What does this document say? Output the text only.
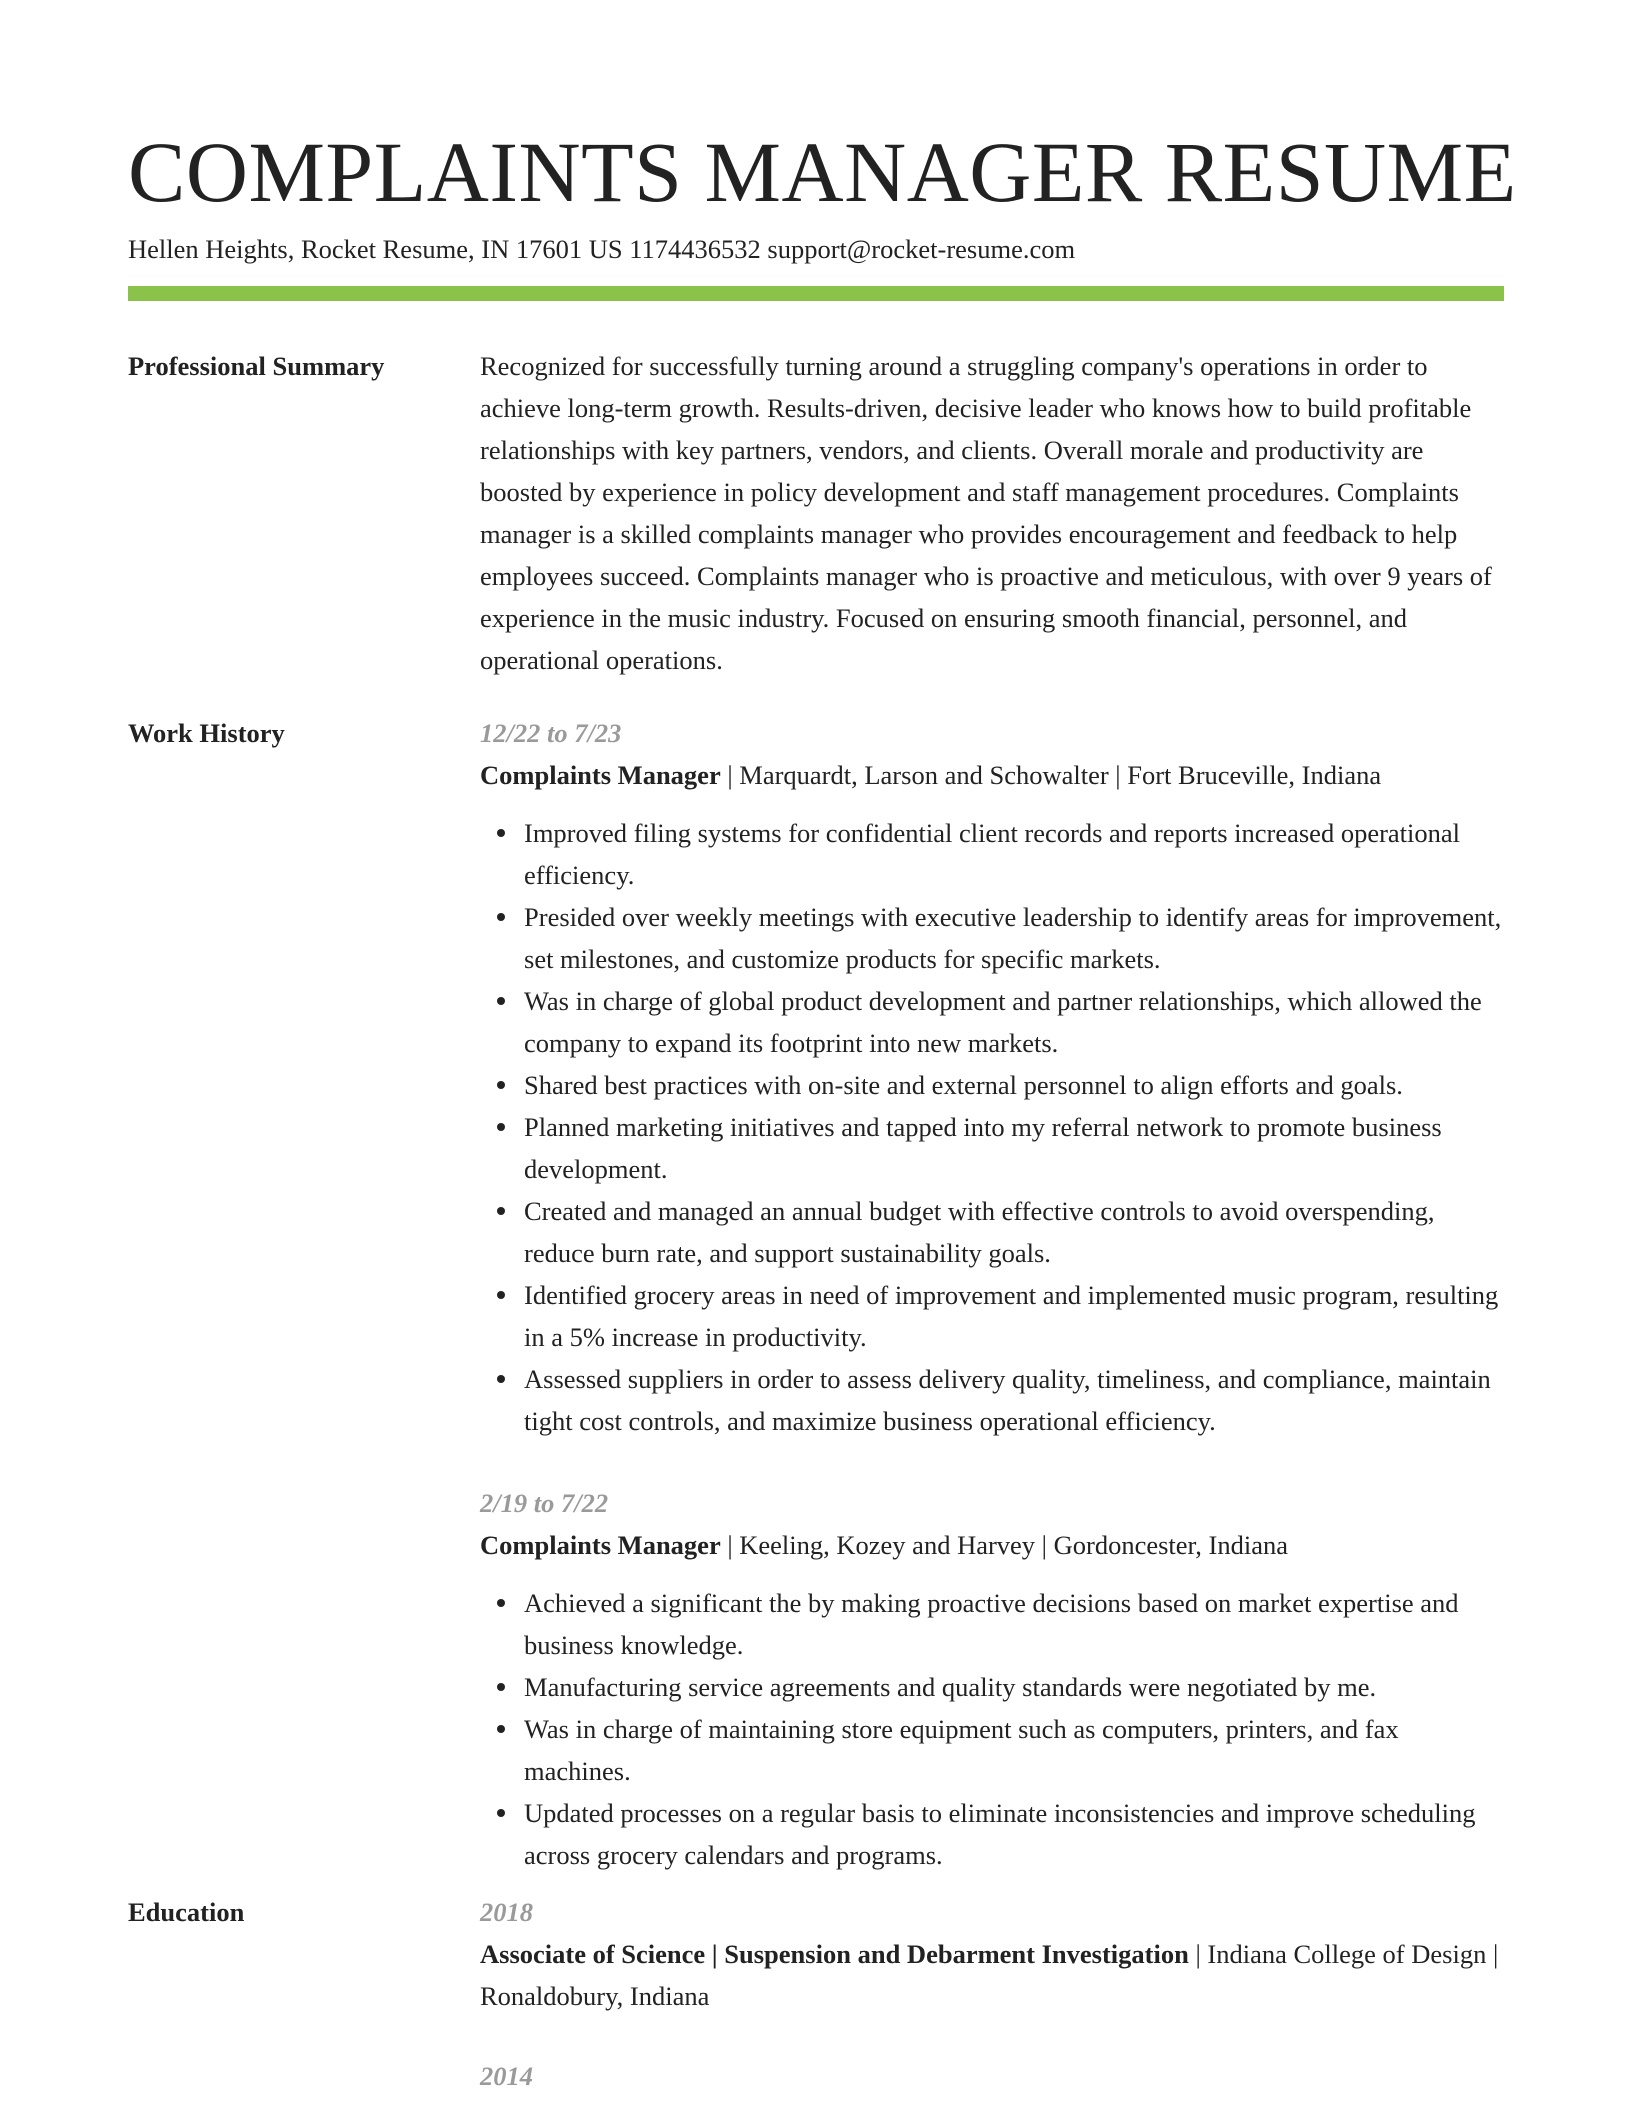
COMPLAINTS MANAGER RESUME
Hellen Heights, Rocket Resume, IN 17601 US 1174436532 support@rocket-resume.com
Professional Summary	Recognized for successfully turning around a struggling company's operations in order to achieve long-term growth. Results-driven, decisive leader who knows how to build profitable relationships with key partners, vendors, and clients. Overall morale and productivity are boosted by experience in policy development and staff management procedures. Complaints manager is a skilled complaints manager who provides encouragement and feedback to help employees succeed. Complaints manager who is proactive and meticulous, with over 9 years of experience in the music industry. Focused on ensuring smooth financial, personnel, and operational operations.

Work History	12/22 to 7/23
Complaints Manager | Marquardt, Larson and Schowalter | Fort Bruceville, Indiana
Improved filing systems for confidential client records and reports increased operational efficiency.
Presided over weekly meetings with executive leadership to identify areas for improvement, set milestones, and customize products for specific markets.
Was in charge of global product development and partner relationships, which allowed the company to expand its footprint into new markets.
Shared best practices with on-site and external personnel to align efforts and goals.
Planned marketing initiatives and tapped into my referral network to promote business development.
Created and managed an annual budget with effective controls to avoid overspending, reduce burn rate, and support sustainability goals.
Identified grocery areas in need of improvement and implemented music program, resulting in a 5% increase in productivity.
Assessed suppliers in order to assess delivery quality, timeliness, and compliance, maintain tight cost controls, and maximize business operational efficiency.
2/19 to 7/22
Complaints Manager | Keeling, Kozey and Harvey | Gordoncester, Indiana
Achieved a significant the by making proactive decisions based on market expertise and business knowledge.
Manufacturing service agreements and quality standards were negotiated by me.
Was in charge of maintaining store equipment such as computers, printers, and fax machines.
Updated processes on a regular basis to eliminate inconsistencies and improve scheduling across grocery calendars and programs.
Education	2018
Associate of Science | Suspension and Debarment Investigation | Indiana College of Design | Ronaldobury, Indiana
2014
